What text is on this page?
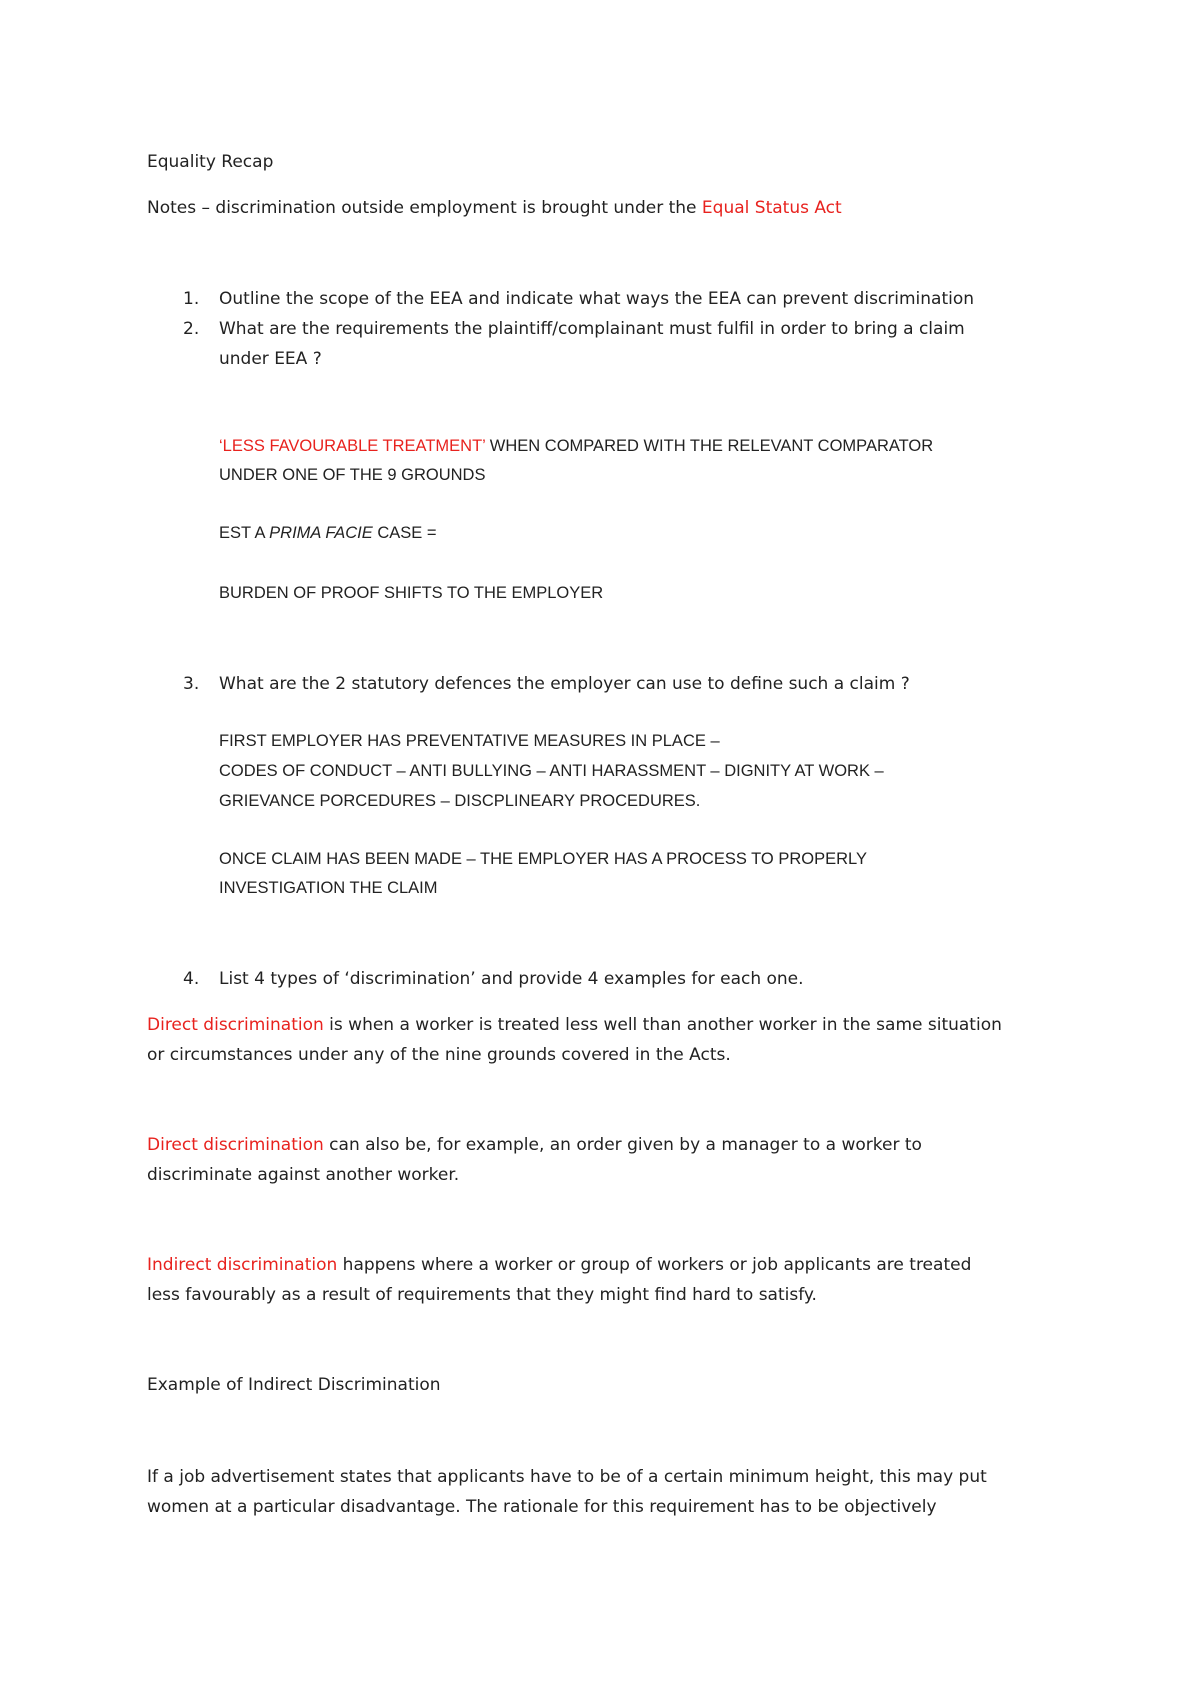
Equality Recap
Notes – discrimination outside employment is brought under the Equal Status Act
1. Outline the scope of the EEA and indicate what ways the EEA can prevent discrimination
2. What are the requirements the plaintiff/complainant must fulfil in order to bring a claim
under EEA ?
‘LESS FAVOURABLE TREATMENT’ WHEN COMPARED WITH THE RELEVANT COMPARATOR
UNDER ONE OF THE 9 GROUNDS
EST A PRIMA FACIE CASE =
BURDEN OF PROOF SHIFTS TO THE EMPLOYER
3. What are the 2 statutory defences the employer can use to define such a claim ?
FIRST EMPLOYER HAS PREVENTATIVE MEASURES IN PLACE –
CODES OF CONDUCT – ANTI BULLYING – ANTI HARASSMENT – DIGNITY AT WORK –
GRIEVANCE PORCEDURES – DISCPLINEARY PROCEDURES.
ONCE CLAIM HAS BEEN MADE – THE EMPLOYER HAS A PROCESS TO PROPERLY
INVESTIGATION THE CLAIM
4. List 4 types of ‘discrimination’ and provide 4 examples for each one.
Direct discrimination is when a worker is treated less well than another worker in the same situation
or circumstances under any of the nine grounds covered in the Acts.
Direct discrimination can also be, for example, an order given by a manager to a worker to
discriminate against another worker.
Indirect discrimination happens where a worker or group of workers or job applicants are treated
less favourably as a result of requirements that they might find hard to satisfy.
Example of Indirect Discrimination
If a job advertisement states that applicants have to be of a certain minimum height, this may put
women at a particular disadvantage. The rationale for this requirement has to be objectively
